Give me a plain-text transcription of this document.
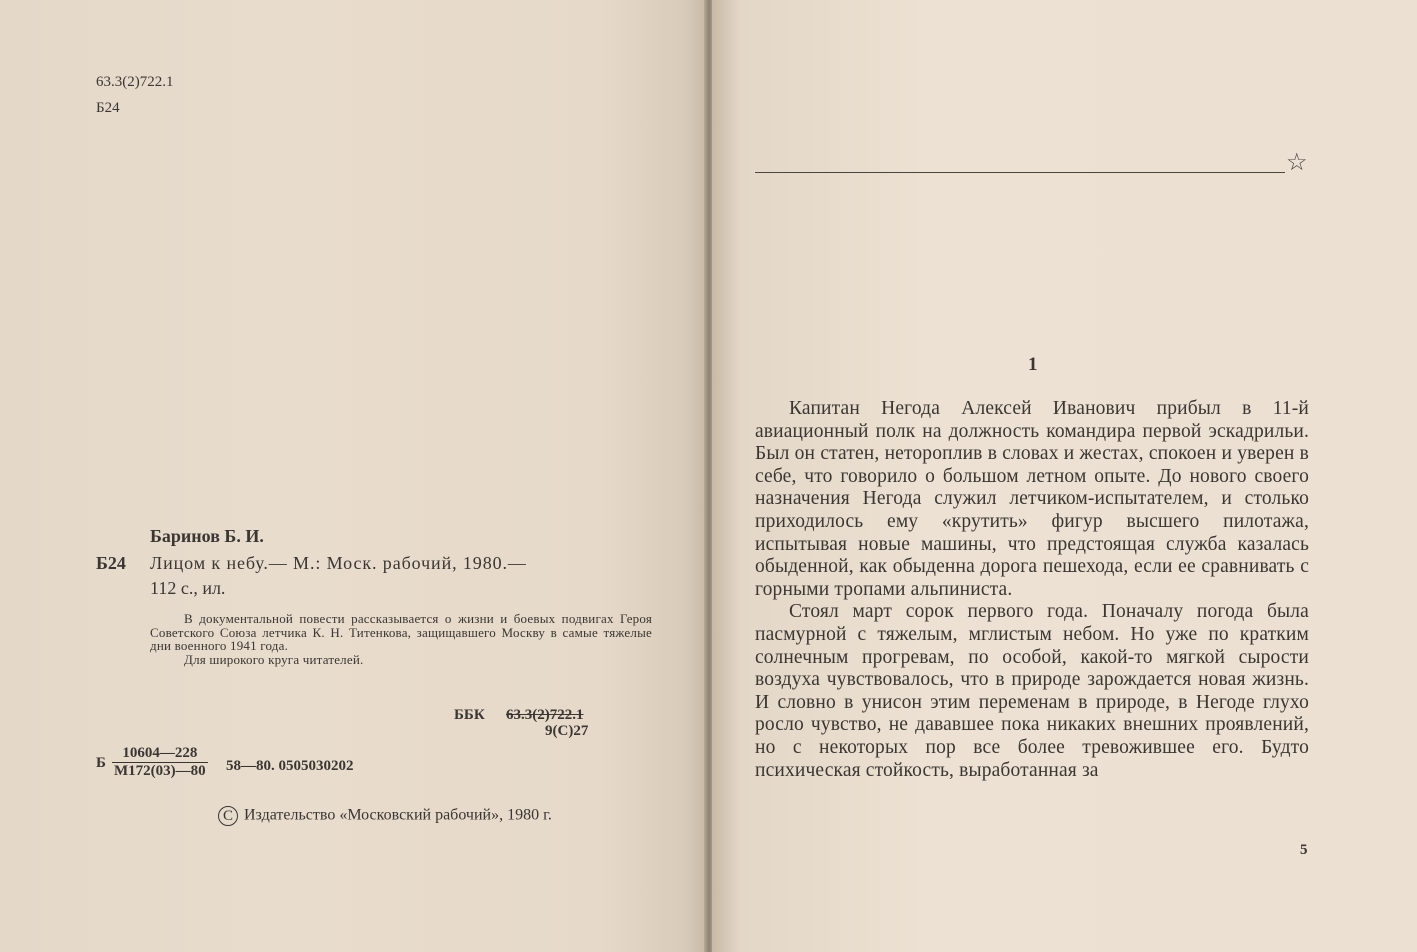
63.3(2)722.1
Б24
Баринов Б. И.
Б24 Лицом к небу.— М.: Моск. рабочий, 1980.—
112 с., ил.

В документальной повести рассказывается о жизни и боевых подвигах Героя Советского Союза летчика К. Н. Титенкова, защищавшего Москву в самые тяжелые дни военного 1941 года.

Для широкого круга читателей.

ББК 63.3(2)722.1
9(С)27
Б
10604—228
М172(03)—80 58—80. 0505030202
C Издательство «Московский рабочий», 1980 г.
☆
1

Капитан Негода Алексей Иванович прибыл в 11-й авиационный полк на должность командира первой эскадрильи. Был он статен, нетороплив в словах и жестах, спокоен и уверен в себе, что говорило о большом летном опыте. До нового своего назначения Негода служил летчиком-испытателем, и столько приходилось ему «крутить» фигур высшего пилотажа, испытывая новые машины, что предстоящая служба казалась обыденной, как обыденна дорога пешехода, если ее сравнивать с горными тропами альпиниста.

Стоял март сорок первого года. Поначалу погода была пасмурной с тяжелым, мглистым небом. Но уже по кратким солнечным прогревам, по особой, какой-то мягкой сырости воздуха чувствовалось, что в природе зарождается новая жизнь. И словно в унисон этим переменам в природе, в Негоде глухо росло чувство, не дававшее пока никаких внешних проявлений, но с некоторых пор все более тревожившее его. Будто психическая стойкость, выработанная за

5
